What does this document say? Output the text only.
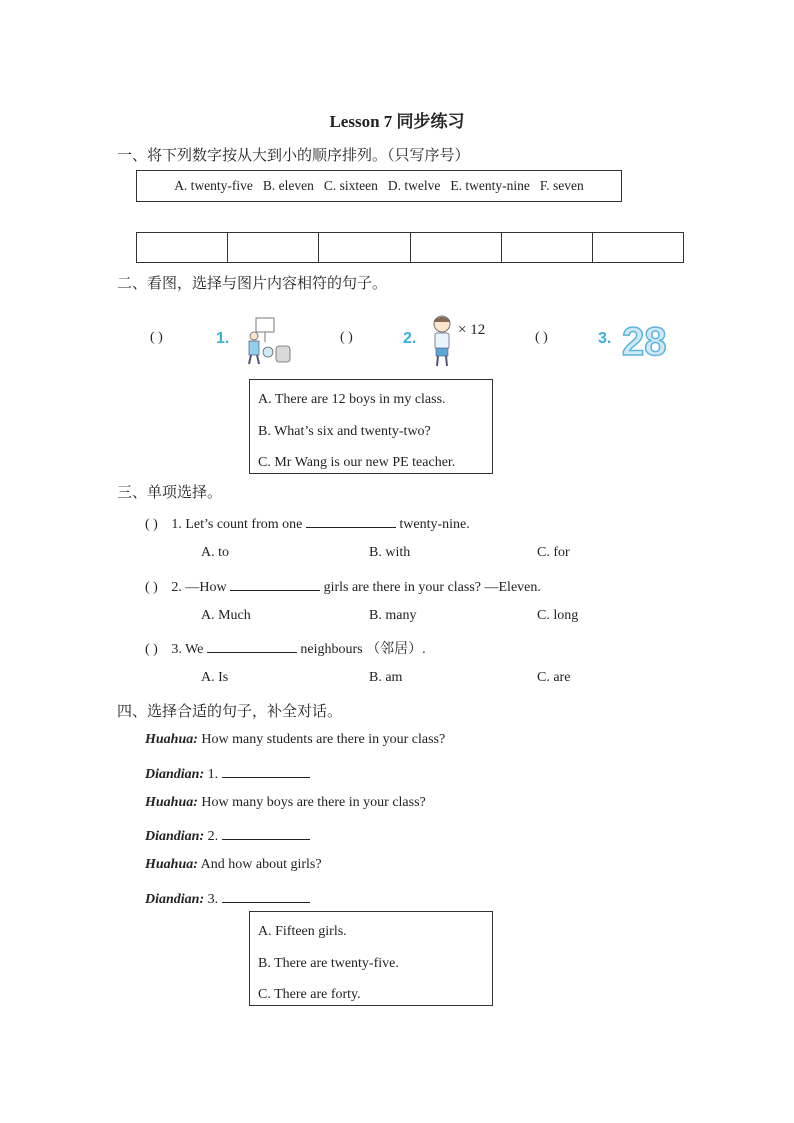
Lesson 7 同步练习
一、将下列数字按从大到小的顺序排列。（只写序号）
A. twenty-five B. eleven C. sixteen D. twelve E. twenty-nine F. seven
二、看图，选择与图片内容相符的句子。
( )	1.	( )	2.	× 12	( )	3. 28
A. There are 12 boys in my class.
B. What’s six and twenty-two?
C. Mr Wang is our new PE teacher.
三、单项选择。
( ) 1. Let’s count from one	twenty-nine.
A. to	B. with	C. for
( ) 2. —How	girls are there in your class? —Eleven.
A. Much	B. many	C. long
( ) 3. We	neighbours （邻居）.
A. Is	B. am	C. are
四、选择合适的句子，补全对话。
Huahua: How many students are there in your class?
Diandian: 1.
Huahua: How many boys are there in your class?
Diandian: 2.
Huahua: And how about girls?
Diandian: 3.
A. Fifteen girls.
B. There are twenty-five.
C. There are forty.
